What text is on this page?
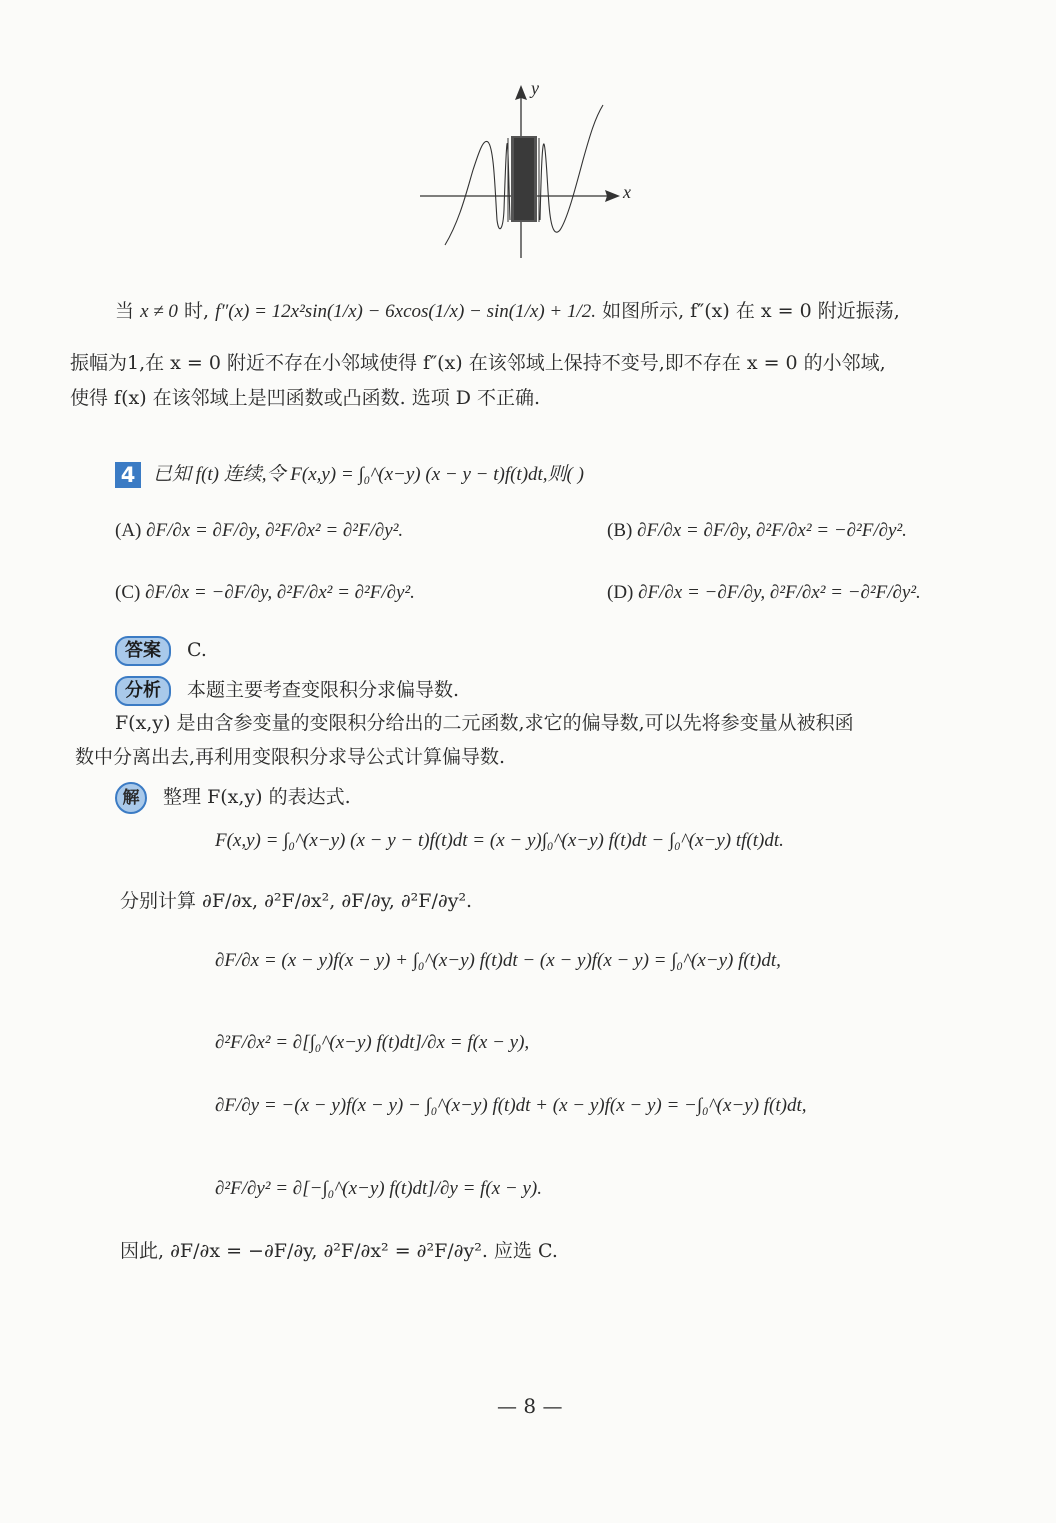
y
x
当 x ≠ 0 时, f″(x) = 12x²sin(1/x) − 6xcos(1/x) − sin(1/x) + 1/2. 如图所示, f″(x) 在 x = 0 附近振荡,
振幅为1,在 x = 0 附近不存在小邻域使得 f″(x) 在该邻域上保持不变号,即不存在 x = 0 的小邻域,
使得 f(x) 在该邻域上是凹函数或凸函数. 选项 D 不正确.
4 已知 f(t) 连续,令 F(x,y) = ∫₀^(x−y) (x − y − t)f(t)dt,则( )
(A) ∂F/∂x = ∂F/∂y, ∂²F/∂x² = ∂²F/∂y².	(B) ∂F/∂x = ∂F/∂y, ∂²F/∂x² = −∂²F/∂y².
(C) ∂F/∂x = −∂F/∂y, ∂²F/∂x² = ∂²F/∂y².	(D) ∂F/∂x = −∂F/∂y, ∂²F/∂x² = −∂²F/∂y².
答案 C.
分析 本题主要考查变限积分求偏导数.
F(x,y) 是由含参变量的变限积分给出的二元函数,求它的偏导数,可以先将参变量从被积函
数中分离出去,再利用变限积分求导公式计算偏导数.
解 整理 F(x,y) 的表达式.
F(x,y) = ∫₀^(x−y) (x − y − t)f(t)dt = (x − y)∫₀^(x−y) f(t)dt − ∫₀^(x−y) tf(t)dt.
分别计算 ∂F/∂x, ∂²F/∂x², ∂F/∂y, ∂²F/∂y².
∂F/∂x = (x − y)f(x − y) + ∫₀^(x−y) f(t)dt − (x − y)f(x − y) = ∫₀^(x−y) f(t)dt,
∂²F/∂x² = ∂[∫₀^(x−y) f(t)dt]/∂x = f(x − y),
∂F/∂y = −(x − y)f(x − y) − ∫₀^(x−y) f(t)dt + (x − y)f(x − y) = −∫₀^(x−y) f(t)dt,
∂²F/∂y² = ∂[−∫₀^(x−y) f(t)dt]/∂y = f(x − y).
因此, ∂F/∂x = −∂F/∂y, ∂²F/∂x² = ∂²F/∂y². 应选 C.
— 8 —
